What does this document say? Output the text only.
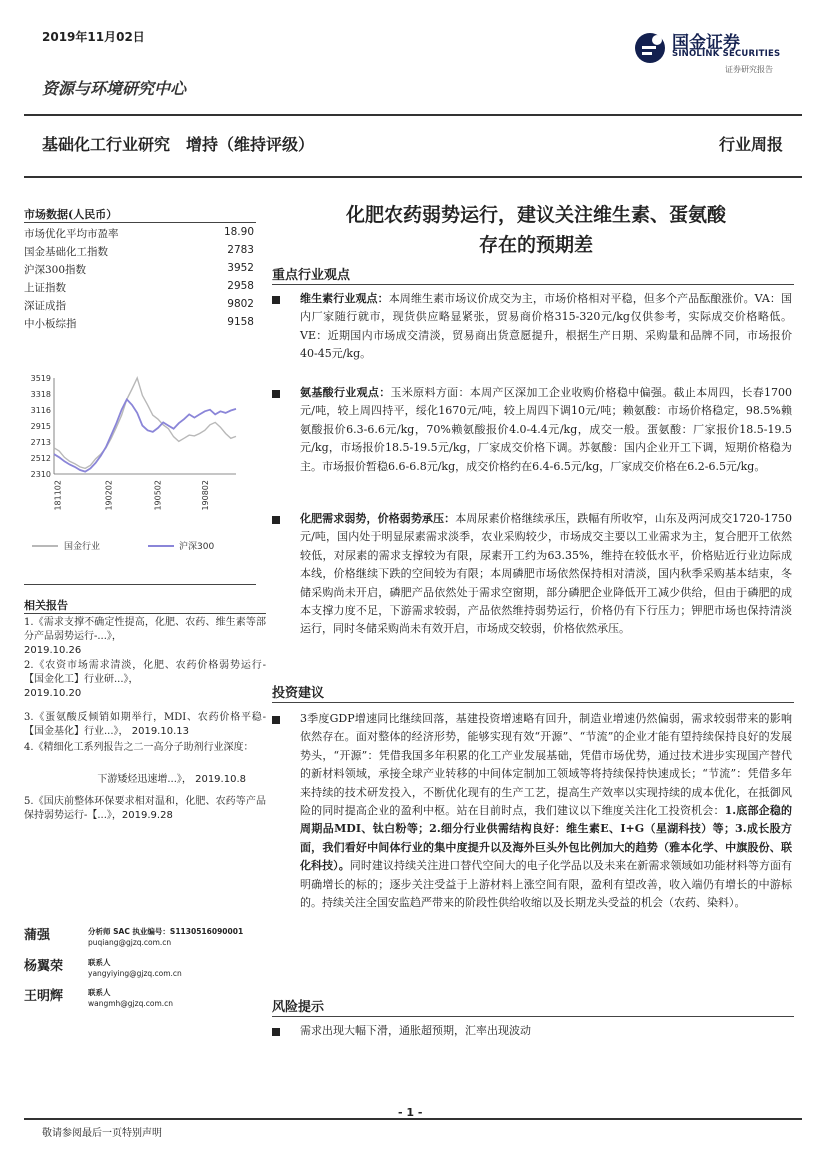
2019年11月02日
资源与环境研究中心
国金证券
SINOLINK SECURITIES
证券研究报告
基础化工行业研究　增持（维持评级）	行业周报
市场数据(人民币）
市场优化平均市盈率	18.90
国金基础化工指数	2783
沪深300指数	3952
上证指数	2958
深证成指	9802
中小板综指	9158
3519
3318
3116
2915
2713
2512
2310
181102	190202	190502	190802
国金行业	沪深300
相关报告
1.《需求支撑不确定性提高，化肥、农药、维生素等部分产品弱势运行-...》，
2019.10.26
2.《农资市场需求清淡，化肥、农药价格弱势运行-【国金化工】行业研...》，
2019.10.20
3.《蛋氨酸反倾销如期举行，MDI、农药价格平稳-【国金基化】行业...》， 2019.10.13
4.《精细化工系列报告之二一高分子助剂行业深度：
下游矮烃迅速增...》， 2019.10.8
5.《国庆前整体环保要求相对温和，化肥、农药等产品保持弱势运行-【...》，2019.9.28
蒲强	分析师 SAC 执业编号：S1130516090001
puqiang@gjzq.com.cn
杨翼荣	联系人
yangyiying@gjzq.com.cn
王明辉	联系人
wangmh@gjzq.com.cn
化肥农药弱势运行，建议关注维生素、蛋氨酸
存在的预期差
重点行业观点
维生素行业观点：本周维生素市场议价成交为主，市场价格相对平稳，但多个产品酝酿涨价。VA：国内厂家随行就市，现货供应略显紧张，贸易商价格315-320元/kg仅供参考，实际成交价格略低。VE：近期国内市场成交清淡，贸易商出货意愿提升，根据生产日期、采购量和品牌不同，市场报价40-45元/kg。
氨基酸行业观点：玉米原料方面：本周产区深加工企业收购价格稳中偏强。截止本周四，长春1700元/吨，较上周四持平，绥化1670元/吨，较上周四下调10元/吨；赖氨酸：市场价格稳定，98.5%赖氨酸报价6.3-6.6元/kg，70%赖氨酸报价4.0-4.4元/kg，成交一般。蛋氨酸：厂家报价18.5-19.5元/kg，市场报价18.5-19.5元/kg，厂家成交价格下调。苏氨酸：国内企业开工下调，短期价格稳为主。市场报价暂稳6.6-6.8元/kg，成交价格约在6.4-6.5元/kg，厂家成交价格在6.2-6.5元/kg。
化肥需求弱势，价格弱势承压：本周尿素价格继续承压，跌幅有所收窄，山东及两河成交1720-1750元/吨，国内处于明显尿素需求淡季，农业采购较少，市场成交主要以工业需求为主，复合肥开工依然较低，对尿素的需求支撑较为有限，尿素开工约为63.35%，维持在较低水平，价格贴近行业边际成本线，价格继续下跌的空间较为有限；本周磷肥市场依然保持相对清淡，国内秋季采购基本结束，冬储采购尚未开启，磷肥产品依然处于需求空窗期，部分磷肥企业降低开工减少供给，但由于磷肥的成本支撑力度不足，下游需求较弱，产品依然维持弱势运行，价格仍有下行压力；钾肥市场也保持清淡运行，同时冬储采购尚未有效开启，市场成交较弱，价格依然承压。
投资建议
3季度GDP增速同比继续回落，基建投资增速略有回升，制造业增速仍然偏弱，需求较弱带来的影响依然存在。面对整体的经济形势，能够实现有效“开源”、“节流”的企业才能有望持续保持良好的发展势头，“开源”：凭借我国多年积累的化工产业发展基础，凭借市场优势，通过技术进步实现国产替代的新材料领域，承接全球产业转移的中间体定制加工领域等将持续保持快速成长；“节流”：凭借多年来持续的技术研发投入，不断优化现有的生产工艺，提高生产效率以实现持续的成本优化，在抵御风险的同时提高企业的盈利中枢。站在目前时点，我们建议以下维度关注化工投资机会：1.底部企稳的周期品MDI、钛白粉等；2.细分行业供需结构良好：维生素E、I+G（星湖科技）等；3.成长股方面，我们看好中间体行业的集中度提升以及海外巨头外包比例加大的趋势（雅本化学、中旗股份、联化科技）。同时建议持续关注进口替代空间大的电子化学品以及未来在新需求领域如功能材料等方面有明确增长的标的；逐步关注受益于上游材料上涨空间有限，盈利有望改善，收入端仍有增长的中游标的。持续关注全国安监趋严带来的阶段性供给收缩以及长期龙头受益的机会（农药、染料）。
风险提示
需求出现大幅下滑，通胀超预期，汇率出现波动
- 1 -
敬请参阅最后一页特别声明
